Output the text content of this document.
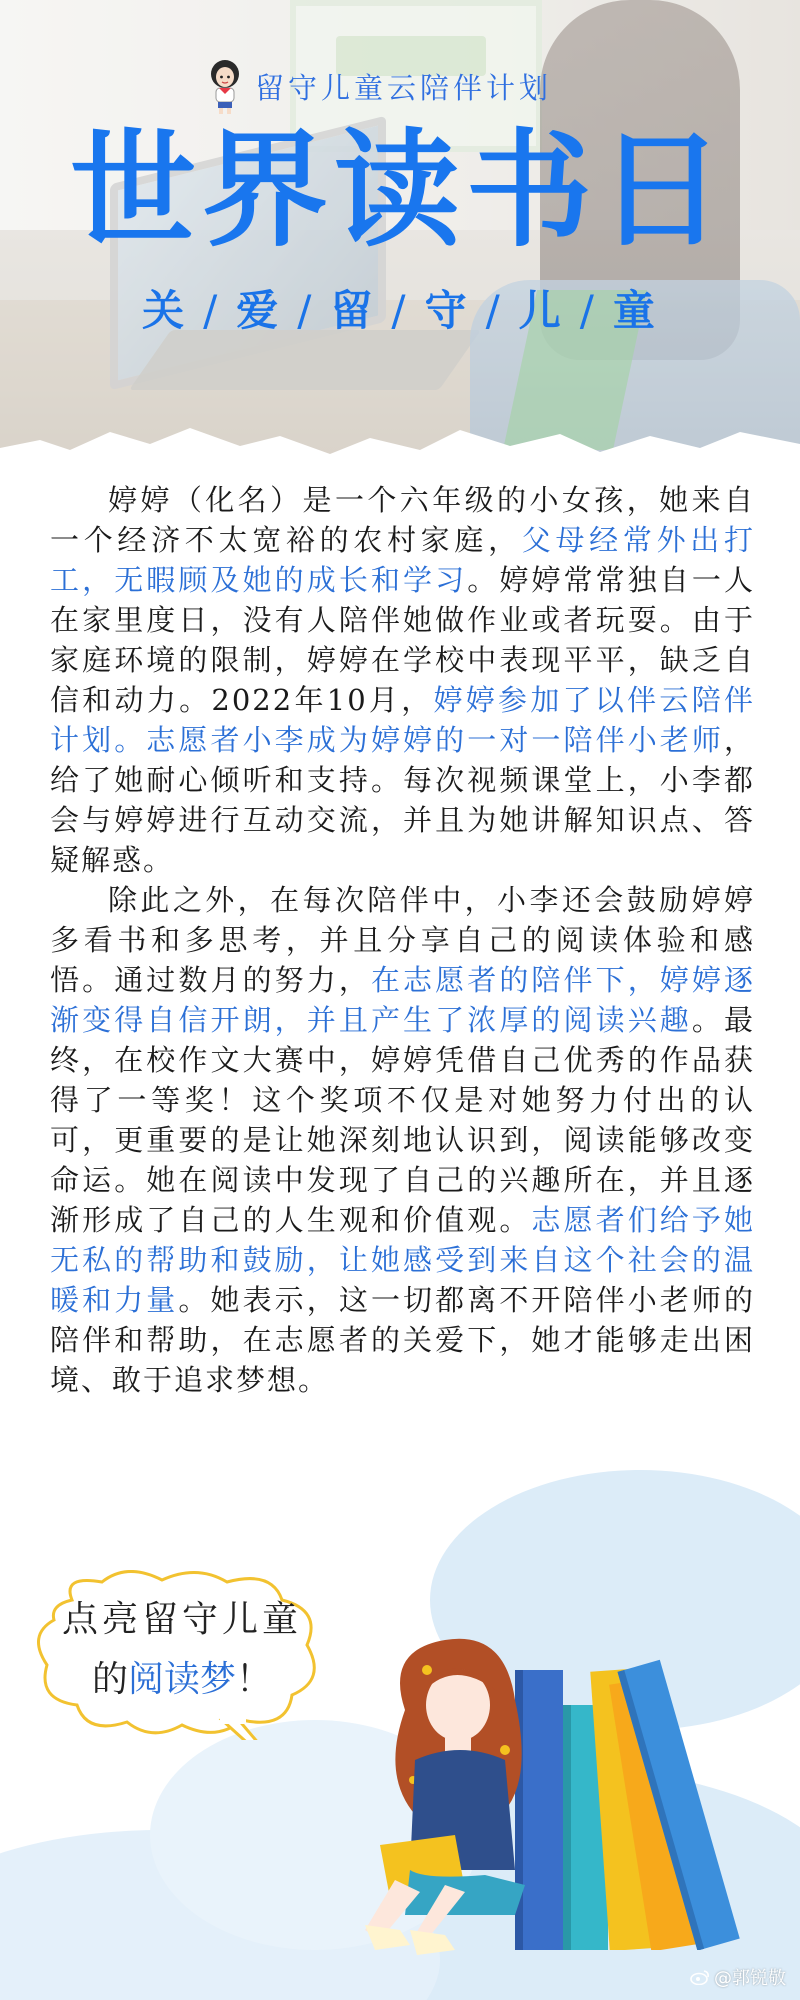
留守儿童云陪伴计划
世界读书日
关 / 爱 / 留 / 守 / 儿 / 童

婷婷（化名）是一个六年级的小女孩，她来自一个经济不太宽裕的农村家庭，父母经常外出打工，无暇顾及她的成长和学习。婷婷常常独自一人在家里度日，没有人陪伴她做作业或者玩耍。由于家庭环境的限制，婷婷在学校中表现平平，缺乏自信和动力。2022年10月，婷婷参加了以伴云陪伴计划。志愿者小李成为婷婷的一对一陪伴小老师，给了她耐心倾听和支持。每次视频课堂上，小李都会与婷婷进行互动交流，并且为她讲解知识点、答疑解惑。

除此之外，在每次陪伴中，小李还会鼓励婷婷多看书和多思考，并且分享自己的阅读体验和感悟。通过数月的努力，在志愿者的陪伴下，婷婷逐渐变得自信开朗，并且产生了浓厚的阅读兴趣。最终，在校作文大赛中，婷婷凭借自己优秀的作品获得了一等奖！这个奖项不仅是对她努力付出的认可，更重要的是让她深刻地认识到，阅读能够改变命运。她在阅读中发现了自己的兴趣所在，并且逐渐形成了自己的人生观和价值观。志愿者们给予她无私的帮助和鼓励，让她感受到来自这个社会的温暖和力量。她表示，这一切都离不开陪伴小老师的陪伴和帮助，在志愿者的关爱下，她才能够走出困境、敢于追求梦想。

点亮留守儿童
的阅读梦！
@郭锐敬
